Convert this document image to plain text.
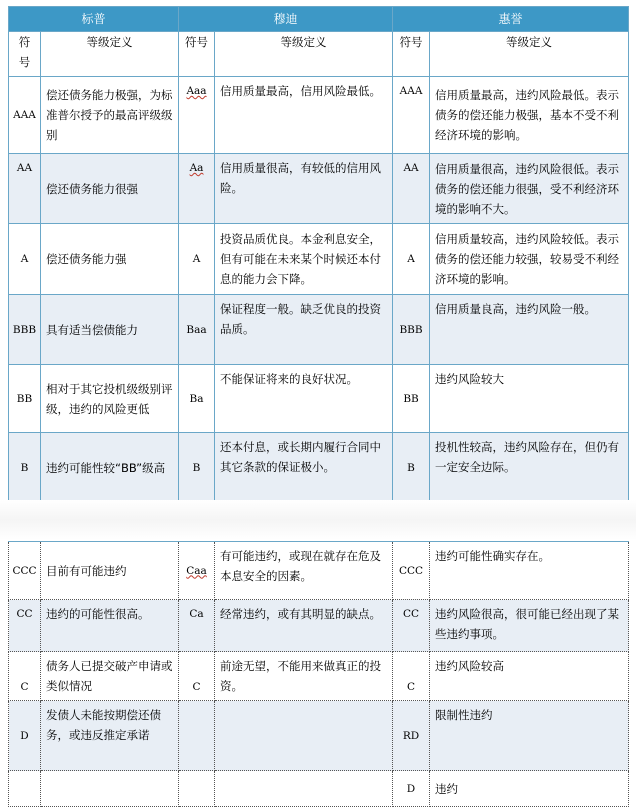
标普		穆迪		惠誉	
符号	等级定义	符号	等级定义	符号	等级定义
AAA	偿还债务能力极强，为标准普尔授予的最高评级级别	Aaa	信用质量最高，信用风险最低。	AAA	信用质量最高，违约风险最低。表示债务的偿还能力极强，基本不受不利经济环境的影响。
AA	偿还债务能力很强	Aa	信用质量很高，有较低的信用风险。	AA	信用质量很高，违约风险很低。表示债务的偿还能力很强，受不利经济环境的影响不大。
A	偿还债务能力强	A	投资品质优良。本金利息安全，但有可能在未来某个时候还本付息的能力会下降。	A	信用质量较高，违约风险较低。表示债务的偿还能力较强，较易受不利经济环境的影响。
BBB	具有适当偿债能力	Baa	保证程度一般。缺乏优良的投资品质。	BBB	信用质量良高，违约风险一般。
BB	相对于其它投机级级别评级，违约的风险更低	Ba	不能保证将来的良好状况。	BB	违约风险较大
B	违约可能性较“BB”级高	B	还本付息，或长期内履行合同中其它条款的保证极小。	B	投机性较高，违约风险存在，但仍有一定安全边际。
CCC	目前有可能违约	Caa	有可能违约，或现在就存在危及本息安全的因素。	CCC	违约可能性确实存在。
CC	违约的可能性很高。	Ca	经常违约，或有其明显的缺点。	CC	违约风险很高，很可能已经出现了某些违约事项。
C	债务人已提交破产申请或类似情况	C	前途无望，不能用来做真正的投资。	C	违约风险较高
D	发债人未能按期偿还债务，或违反推定承诺			RD	限制性违约
				D	违约
